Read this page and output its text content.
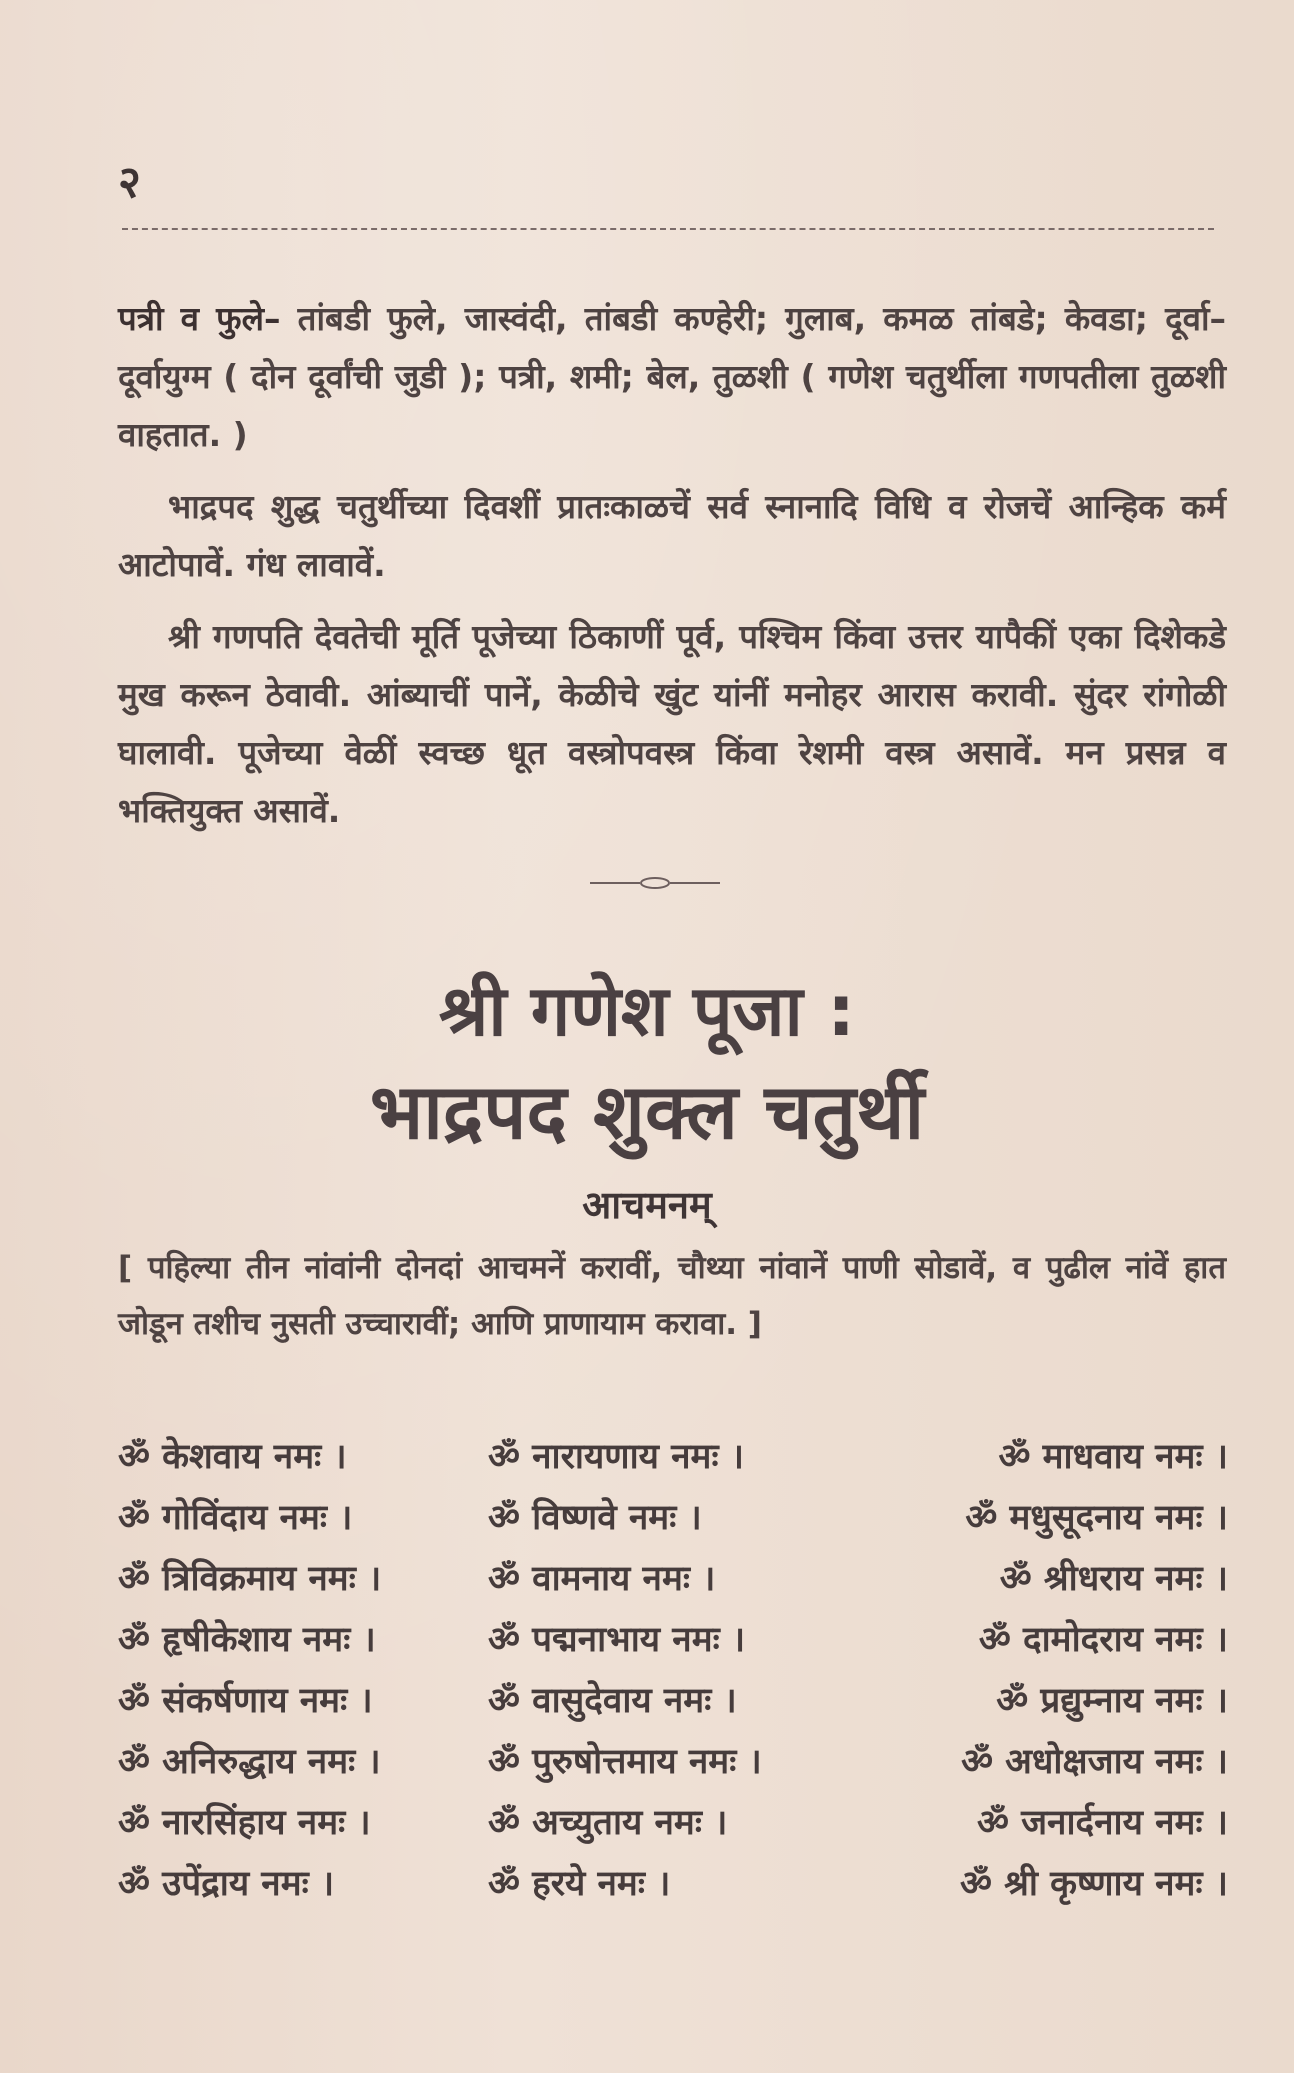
२
पत्री व फुले– तांबडी फुले, जास्वंदी, तांबडी कण्हेरी; गुलाब, कमळ तांबडे; केवडा; दूर्वा–दूर्वायुग्म ( दोन दूर्वांची जुडी ); पत्री, शमी; बेल, तुळशी ( गणेश चतुर्थीला गणपतीला तुळशी वाहतात. )
भाद्रपद शुद्ध चतुर्थीच्या दिवशीं प्रातःकाळचें सर्व स्नानादि विधि व रोजचें आन्हिक कर्म आटोपावें. गंध लावावें.
श्री गणपति देवतेची मूर्ति पूजेच्या ठिकाणीं पूर्व, पश्चिम किंवा उत्तर यापैकीं एका दिशेकडे मुख करून ठेवावी. आंब्याचीं पानें, केळीचे खुंट यांनीं मनोहर आरास करावी. सुंदर रांगोळी घालावी. पूजेच्या वेळीं स्वच्छ धूत वस्त्रोपवस्त्र किंवा रेशमी वस्त्र असावें. मन प्रसन्न व भक्तियुक्त असावें.
श्री गणेश पूजा :
भाद्रपद शुक्ल चतुर्थी
आचमनम्
[ पहिल्या तीन नांवांनी दोनदां आचमनें करावीं, चौथ्या नांवानें पाणी सोडावें, व पुढील नांवें हात जोडून तशीच नुसती उच्चारावीं; आणि प्राणायाम करावा. ]
ॐ केशवाय नमः ।	ॐ नारायणाय नमः ।	ॐ माधवाय नमः ।
ॐ गोविंदाय नमः ।	ॐ विष्णवे नमः ।	ॐ मधुसूदनाय नमः ।
ॐ त्रिविक्रमाय नमः ।	ॐ वामनाय नमः ।	ॐ श्रीधराय नमः ।
ॐ हृषीकेशाय नमः ।	ॐ पद्मनाभाय नमः ।	ॐ दामोदराय नमः ।
ॐ संकर्षणाय नमः ।	ॐ वासुदेवाय नमः ।	ॐ प्रद्युम्नाय नमः ।
ॐ अनिरुद्धाय नमः ।	ॐ पुरुषोत्तमाय नमः ।	ॐ अधोक्षजाय नमः ।
ॐ नारसिंहाय नमः ।	ॐ अच्युताय नमः ।	ॐ जनार्दनाय नमः ।
ॐ उपेंद्राय नमः ।	ॐ हरये नमः ।	ॐ श्री कृष्णाय नमः ।
